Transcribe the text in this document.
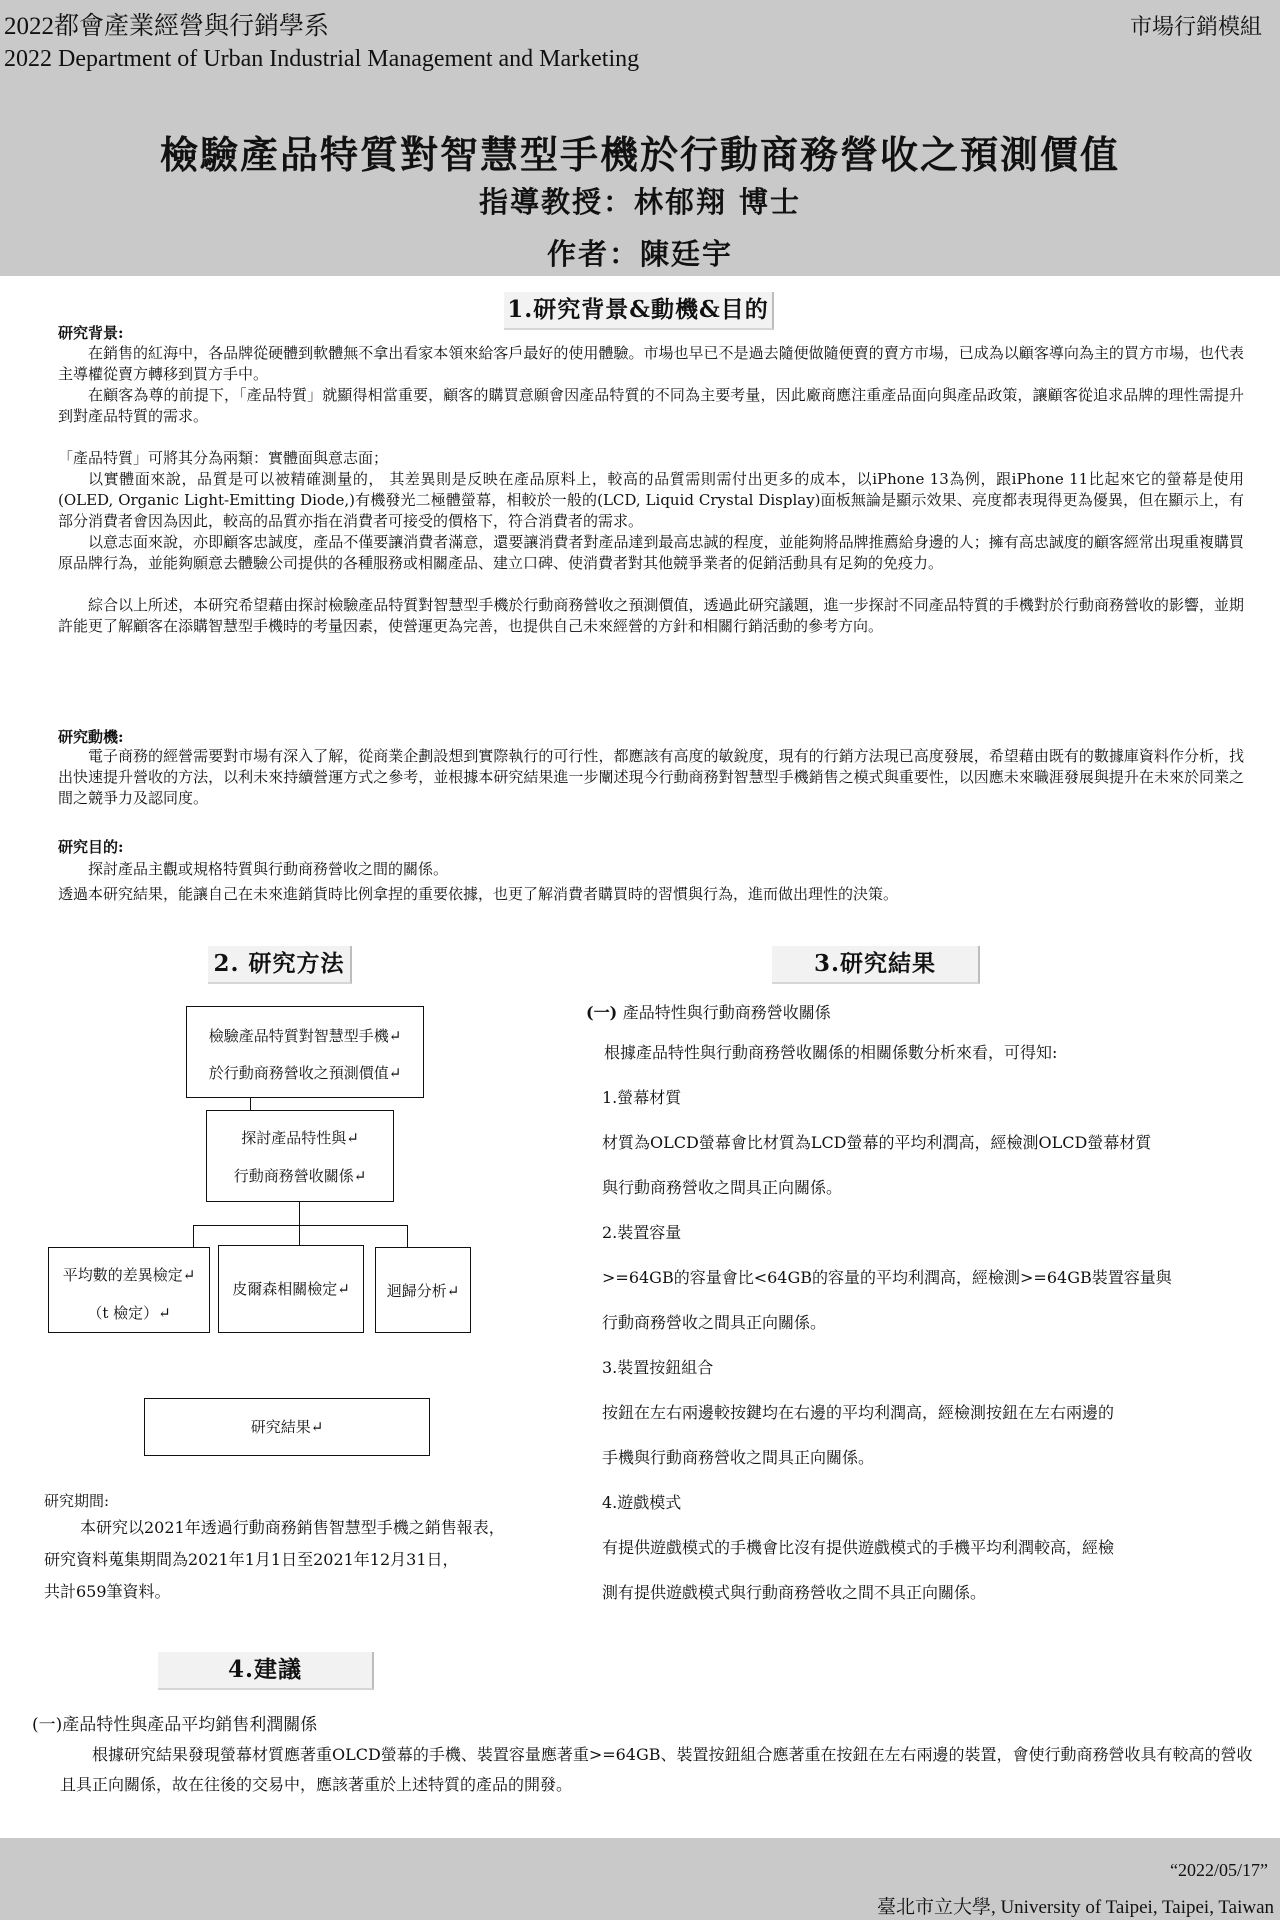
2022都會產業經營與行銷學系
2022 Department of Urban Industrial Management and Marketing
市場行銷模組
檢驗產品特質對智慧型手機於行動商務營收之預測價值
指導教授：林郁翔 博士
作者：陳廷宇
1.研究背景&動機&目的
研究背景:

在銷售的紅海中，各品牌從硬體到軟體無不拿出看家本領來給客戶最好的使用體驗。市場也早已不是過去隨便做隨便賣的賣方市場，已成為以顧客導向為主的買方市場，也代表主導權從賣方轉移到買方手中。

在顧客為尊的前提下，「產品特質」就顯得相當重要，顧客的購買意願會因產品特質的不同為主要考量，因此廠商應注重產品面向與產品政策，讓顧客從追求品牌的理性需提升到對產品特質的需求。

「產品特質」可將其分為兩類：實體面與意志面；

以實體面來說，品質是可以被精確測量的， 其差異則是反映在產品原料上，較高的品質需則需付出更多的成本，以iPhone 13為例，跟iPhone 11比起來它的螢幕是使用(OLED, Organic Light-Emitting Diode,)有機發光二極體螢幕，相較於一般的(LCD, Liquid Crystal Display)面板無論是顯示效果、亮度都表現得更為優異，但在顯示上，有部分消費者會因為因此，較高的品質亦指在消費者可接受的價格下，符合消費者的需求。

以意志面來說，亦即顧客忠誠度，產品不僅要讓消費者滿意，還要讓消費者對產品達到最高忠誠的程度，並能夠將品牌推薦給身邊的人；擁有高忠誠度的顧客經常出現重複購買原品牌行為，並能夠願意去體驗公司提供的各種服務或相關產品、建立口碑、使消費者對其他競爭業者的促銷活動具有足夠的免疫力。

綜合以上所述，本研究希望藉由探討檢驗產品特質對智慧型手機於行動商務營收之預測價值，透過此研究議題，進一步探討不同產品特質的手機對於行動商務營收的影響，並期許能更了解顧客在添購智慧型手機時的考量因素，使營運更為完善，也提供自己未來經營的方針和相關行銷活動的參考方向。

研究動機:
電子商務的經營需要對市場有深入了解，從商業企劃設想到實際執行的可行性，都應該有高度的敏銳度，現有的行銷方法現已高度發展，希望藉由既有的數據庫資料作分析，找出快速提升營收的方法，以利未來持續營運方式之參考，並根據本研究結果進一步闡述現今行動商務對智慧型手機銷售之模式與重要性，以因應未來職涯發展與提升在未來於同業之間之競爭力及認同度。
研究目的:
探討產品主觀或規格特質與行動商務營收之間的關係。
透過本研究結果，能讓自己在未來進銷貨時比例拿捏的重要依據，也更了解消費者購買時的習慣與行為，進而做出理性的決策。
2. 研究方法
檢驗產品特質對智慧型手機↵
於行動商務營收之預測價值↵
探討產品特性與↵
行動商務營收關係↵
平均數的差異檢定↵
（t 檢定）↵
皮爾森相關檢定↵	迴歸分析↵
研究結果↵
研究期間:
本研究以2021年透過行動商務銷售智慧型手機之銷售報表，
研究資料蒐集期間為2021年1月1日至2021年12月31日，
共計659筆資料。
3.研究結果
(一) 產品特性與行動商務營收關係
根據產品特性與行動商務營收關係的相關係數分析來看，可得知:
1.螢幕材質
材質為OLCD螢幕會比材質為LCD螢幕的平均利潤高，經檢測OLCD螢幕材質
與行動商務營收之間具正向關係。
2.裝置容量
>=64GB的容量會比<64GB的容量的平均利潤高，經檢測>=64GB裝置容量與
行動商務營收之間具正向關係。
3.裝置按鈕組合
按鈕在左右兩邊較按鍵均在右邊的平均利潤高，經檢測按鈕在左右兩邊的
手機與行動商務營收之間具正向關係。
4.遊戲模式
有提供遊戲模式的手機會比沒有提供遊戲模式的手機平均利潤較高，經檢
測有提供遊戲模式與行動商務營收之間不具正向關係。
4.建議
(一)產品特性與產品平均銷售利潤關係
根據研究結果發現螢幕材質應著重OLCD螢幕的手機、裝置容量應著重>=64GB、裝置按鈕組合應著重在按鈕在左右兩邊的裝置，會使行動商務營收具有較高的營收且具正向關係，故在往後的交易中，應該著重於上述特質的產品的開發。
“2022/05/17”
臺北市立大學, University of Taipei, Taipei, Taiwan
